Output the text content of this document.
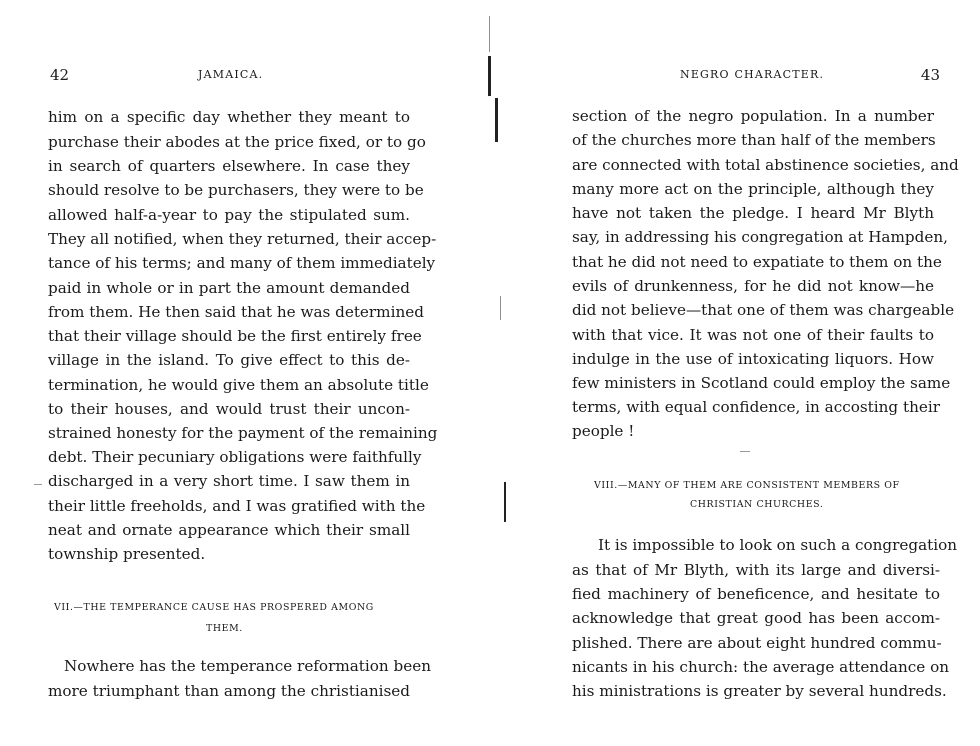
42	JAMAICA.
him on a specific day whether they meant to
purchase their abodes at the price fixed, or to go
in search of quarters elsewhere. In case they
should resolve to be purchasers, they were to be
allowed half-a-year to pay the stipulated sum.
They all notified, when they returned, their accep-
tance of his terms; and many of them immediately
paid in whole or in part the amount demanded
from them. He then said that he was determined
that their village should be the first entirely free
village in the island. To give effect to this de-
termination, he would give them an absolute title
to their houses, and would trust their uncon-
strained honesty for the payment of the remaining
debt. Their pecuniary obligations were faithfully
discharged in a very short time. I saw them in
their little freeholds, and I was gratified with the
neat and ornate appearance which their small
township presented.
VII.—THE TEMPERANCE CAUSE HAS PROSPERED AMONG
THEM.
Nowhere has the temperance reformation been
more triumphant than among the christianised
NEGRO CHARACTER.	43
section of the negro population. In a number
of the churches more than half of the members
are connected with total abstinence societies, and
many more act on the principle, although they
have not taken the pledge. I heard Mr Blyth
say, in addressing his congregation at Hampden,
that he did not need to expatiate to them on the
evils of drunkenness, for he did not know—he
did not believe—that one of them was chargeable
with that vice. It was not one of their faults to
indulge in the use of intoxicating liquors. How
few ministers in Scotland could employ the same
terms, with equal confidence, in accosting their
people !
VIII.—MANY OF THEM ARE CONSISTENT MEMBERS OF
CHRISTIAN CHURCHES.
It is impossible to look on such a congregation
as that of Mr Blyth, with its large and diversi-
fied machinery of beneficence, and hesitate to
acknowledge that great good has been accom-
plished. There are about eight hundred commu-
nicants in his church: the average attendance on
his ministrations is greater by several hundreds.
